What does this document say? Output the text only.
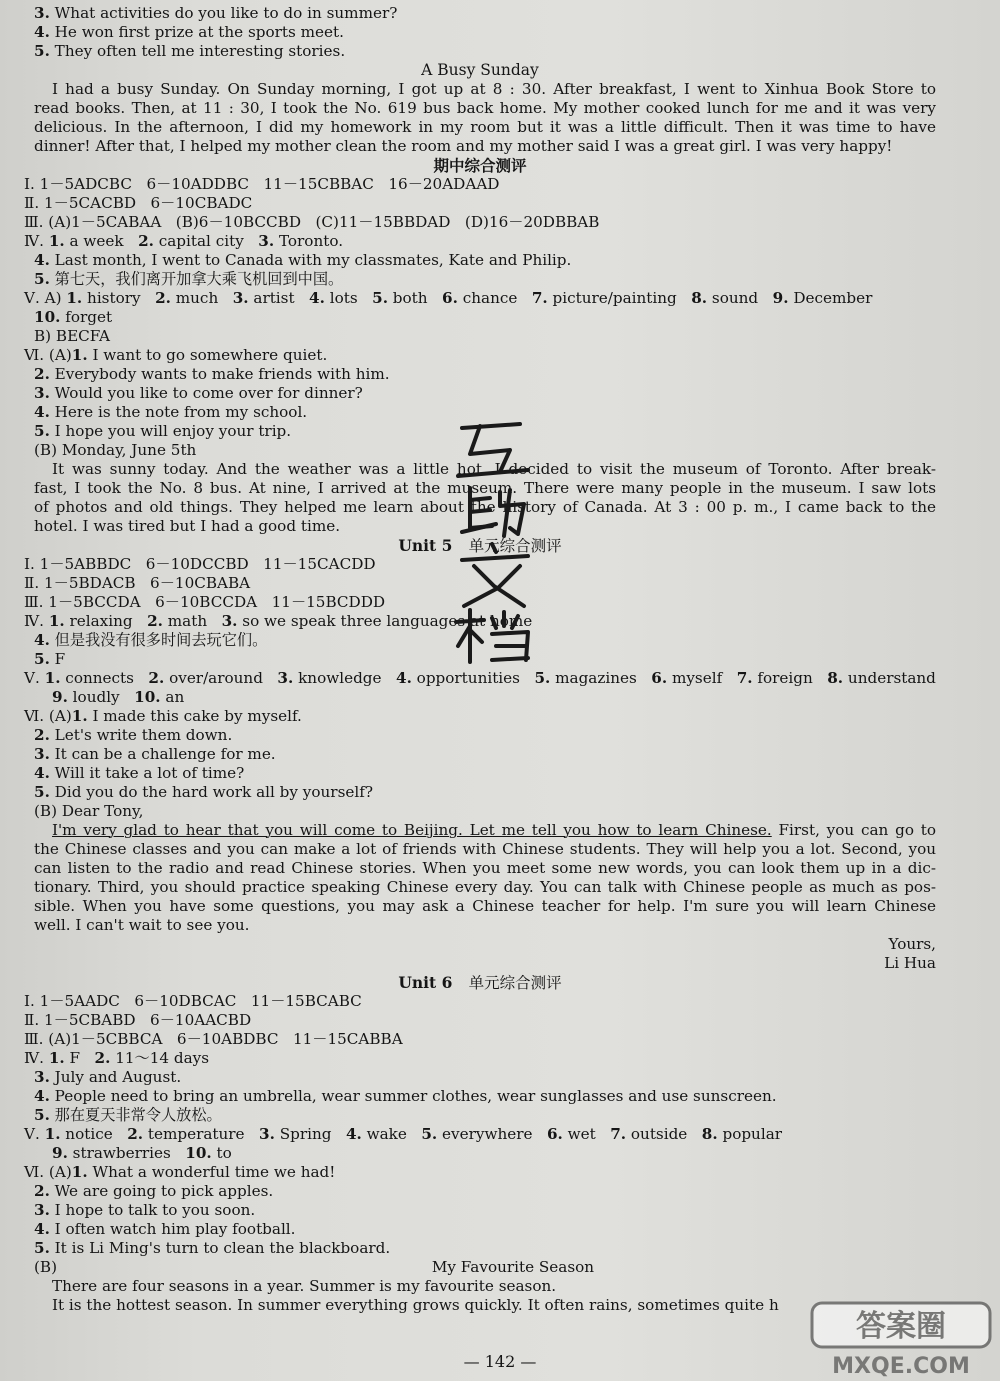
3. What activities do you like to do in summer?
4. He won first prize at the sports meet.
5. They often tell me interesting stories.
A Busy Sunday
I had a busy Sunday. On Sunday morning, I got up at 8 : 30. After breakfast, I went to Xinhua Book Store to
read books. Then, at 11 : 30, I took the No. 619 bus back home. My mother cooked lunch for me and it was very
delicious. In the afternoon, I did my homework in my room but it was a little difficult. Then it was time to have
dinner! After that, I helped my mother clean the room and my mother said I was a great girl. I was very happy!
期中综合测评
Ⅰ. 1－5ADCBC   6－10ADDBC   11－15CBBAC   16－20ADAAD
Ⅱ. 1－5CACBD   6－10CBADC
Ⅲ. (A)1－5CABAA   (B)6－10BCCBD   (C)11－15BBDAD   (D)16－20DBBAB
Ⅳ. 1. a week   2. capital city   3. Toronto.
4. Last month, I went to Canada with my classmates, Kate and Philip.
5. 第七天，我们离开加拿大乘飞机回到中国。
Ⅴ. A) 1. history   2. much   3. artist   4. lots   5. both   6. chance   7. picture/painting   8. sound   9. December
10. forget
B) BECFA
Ⅵ. (A)1. I want to go somewhere quiet.
2. Everybody wants to make friends with him.
3. Would you like to come over for dinner?
4. Here is the note from my school.
5. I hope you will enjoy your trip.
(B) Monday, June 5th
It was sunny today. And the weather was a little hot. I decided to visit the museum of Toronto. After break-
fast, I took the No. 8 bus. At nine, I arrived at the museum. There were many people in the museum. I saw lots
of photos and old things. They helped me learn about the history of Canada. At 3 : 00 p. m., I came back to the
hotel. I was tired but I had a good time.
Unit 5   单元综合测评
Ⅰ. 1－5ABBDC   6－10DCCBD   11－15CACDD
Ⅱ. 1－5BDACB   6－10CBABA
Ⅲ. 1－5BCCDA   6－10BCCDA   11－15BCDDD
Ⅳ. 1. relaxing   2. math   3. so we speak three languages at home
4. 但是我没有很多时间去玩它们。
5. F
Ⅴ. 1. connects   2. over/around   3. knowledge   4. opportunities   5. magazines   6. myself   7. foreign   8. understand
9. loudly   10. an
Ⅵ. (A)1. I made this cake by myself.
2. Let's write them down.
3. It can be a challenge for me.
4. Will it take a lot of time?
5. Did you do the hard work all by yourself?
(B) Dear Tony,
I'm very glad to hear that you will come to Beijing. Let me tell you how to learn Chinese. First, you can go to
the Chinese classes and you can make a lot of friends with Chinese students. They will help you a lot. Second, you
can listen to the radio and read Chinese stories. When you meet some new words, you can look them up in a dic-
tionary. Third, you should practice speaking Chinese every day. You can talk with Chinese people as much as pos-
sible. When you have some questions, you may ask a Chinese teacher for help. I'm sure you will learn Chinese
well. I can't wait to see you.
Yours,
Li Hua
Unit 6   单元综合测评
Ⅰ. 1－5AADC   6－10DBCAC   11－15BCABC
Ⅱ. 1－5CBABD   6－10AACBD
Ⅲ. (A)1－5CBBCA   6－10ABDBC   11－15CABBA
Ⅳ. 1. F   2. 11～14 days
3. July and August.
4. People need to bring an umbrella, wear summer clothes, wear sunglasses and use sunscreen.
5. 那在夏天非常令人放松。
Ⅴ. 1. notice   2. temperature   3. Spring   4. wake   5. everywhere   6. wet   7. outside   8. popular
9. strawberries   10. to
Ⅵ. (A)1. What a wonderful time we had!
2. We are going to pick apples.
3. I hope to talk to you soon.
4. I often watch him play football.
5. It is Li Ming's turn to clean the blackboard.
(B)	My Favourite Season
There are four seasons in a year. Summer is my favourite season.
It is the hottest season. In summer everything grows quickly. It often rains, sometimes quite h
答案圈
MXQE.COM
— 142 —
